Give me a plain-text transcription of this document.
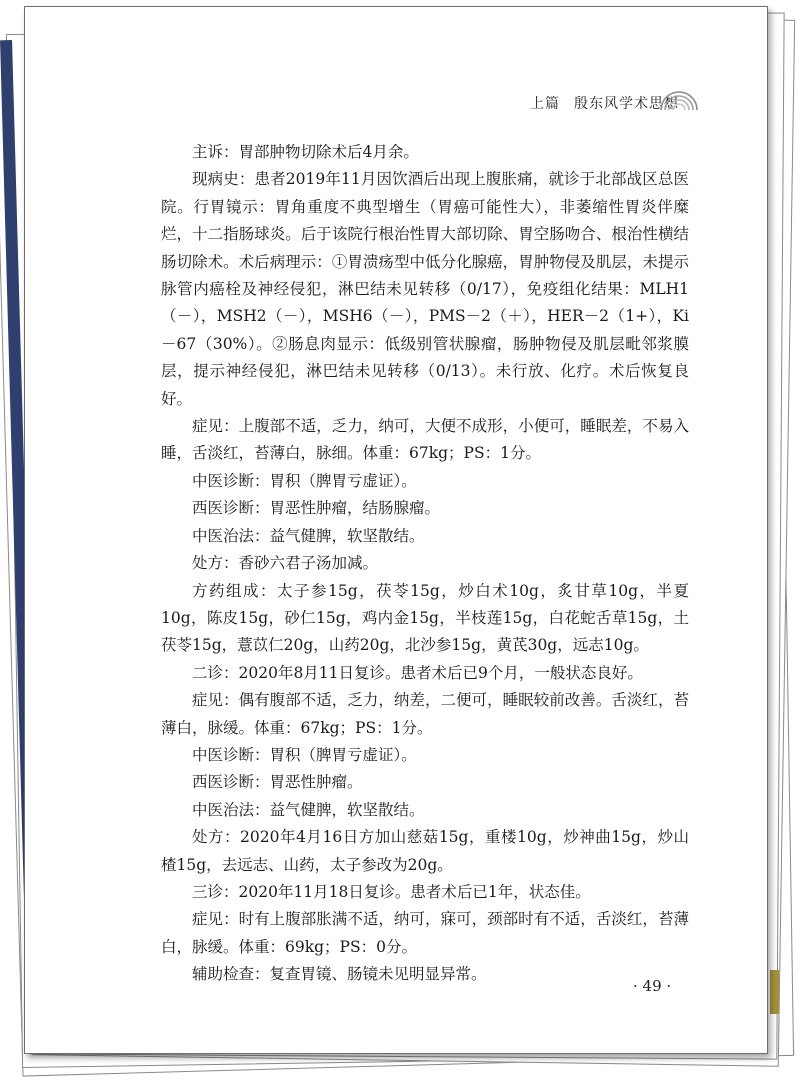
上篇 殷东风学术思想

主诉：胃部肿物切除术后4月余。

现病史：患者2019年11月因饮酒后出现上腹胀痛，就诊于北部战区总医院。行胃镜示：胃角重度不典型增生（胃癌可能性大），非萎缩性胃炎伴糜烂，十二指肠球炎。后于该院行根治性胃大部切除、胃空肠吻合、根治性横结肠切除术。术后病理示：①胃溃疡型中低分化腺癌，胃肿物侵及肌层，未提示脉管内癌栓及神经侵犯，淋巴结未见转移（0/17），免疫组化结果：MLH1（－），MSH2（－），MSH6（－），PMS－2（＋），HER－2（1+），Ki－67（30%）。②肠息肉显示：低级别管状腺瘤，肠肿物侵及肌层毗邻浆膜层，提示神经侵犯，淋巴结未见转移（0/13）。未行放、化疗。术后恢复良好。

症见：上腹部不适，乏力，纳可，大便不成形，小便可，睡眠差，不易入睡，舌淡红，苔薄白，脉细。体重：67kg；PS：1分。

中医诊断：胃积（脾胃亏虚证）。

西医诊断：胃恶性肿瘤，结肠腺瘤。

中医治法：益气健脾，软坚散结。

处方：香砂六君子汤加减。

方药组成：太子参15g，茯苓15g，炒白术10g，炙甘草10g，半夏10g，陈皮15g，砂仁15g，鸡内金15g，半枝莲15g，白花蛇舌草15g，土茯苓15g，薏苡仁20g，山药20g，北沙参15g，黄芪30g，远志10g。

二诊：2020年8月11日复诊。患者术后已9个月，一般状态良好。

症见：偶有腹部不适，乏力，纳差，二便可，睡眠较前改善。舌淡红，苔薄白，脉缓。体重：67kg；PS：1分。

中医诊断：胃积（脾胃亏虚证）。

西医诊断：胃恶性肿瘤。

中医治法：益气健脾，软坚散结。

处方：2020年4月16日方加山慈菇15g，重楼10g，炒神曲15g，炒山楂15g，去远志、山药，太子参改为20g。

三诊：2020年11月18日复诊。患者术后已1年，状态佳。

症见：时有上腹部胀满不适，纳可，寐可，颈部时有不适，舌淡红，苔薄白，脉缓。体重：69kg；PS：0分。

辅助检查：复查胃镜、肠镜未见明显异常。

· 49 ·
